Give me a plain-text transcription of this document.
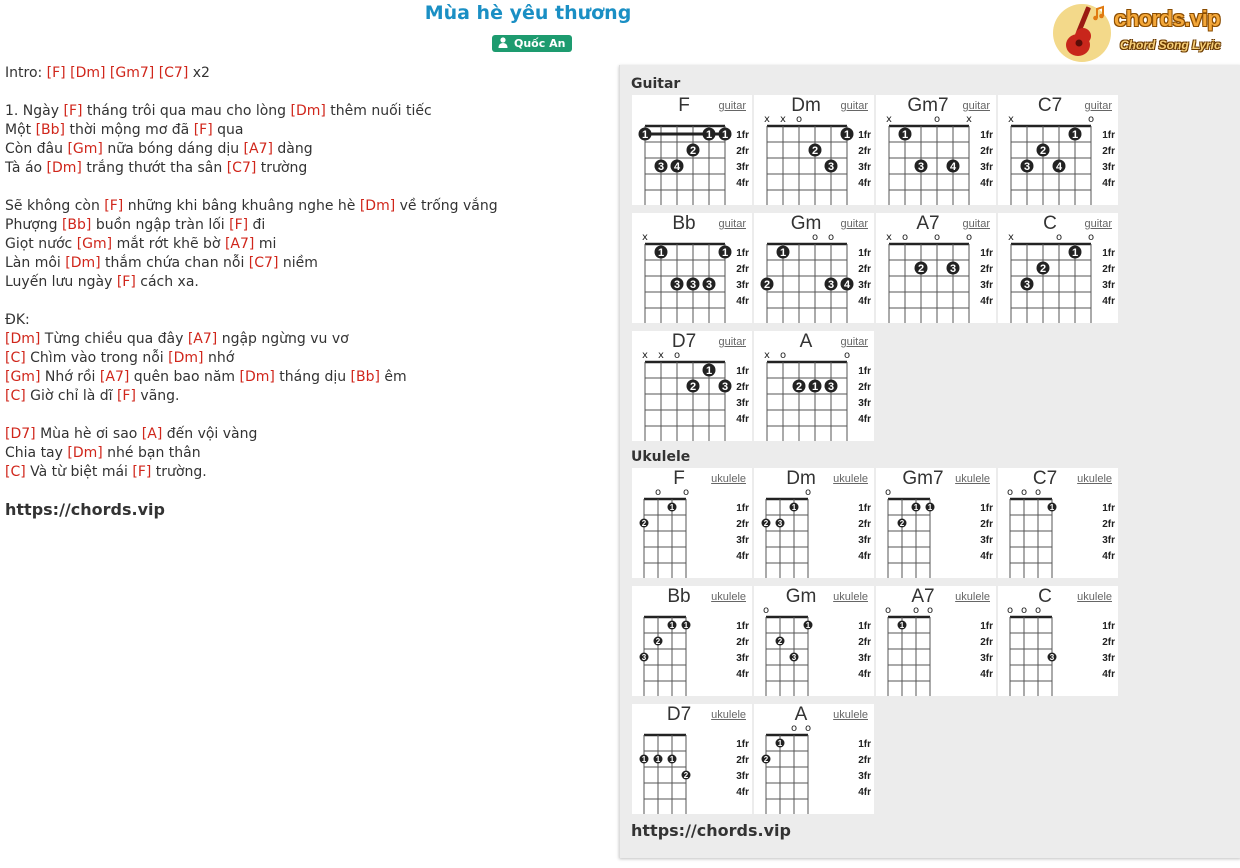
Mùa hè yêu thương
Quốc An
chords.vip
Chord Song Lyric
Intro: [F] [Dm] [Gm7] [C7] x2
1. Ngày [F] tháng trôi qua mau cho lòng [Dm] thêm nuối tiếc
Một [Bb] thời mộng mơ đã [F] qua
Còn đâu [Gm] nữa bóng dáng dịu [A7] dàng
Tà áo [Dm] trắng thướt tha sân [C7] trường
Sẽ không còn [F] những khi bâng khuâng nghe hè [Dm] về trống vắng
Phượng [Bb] buồn ngập tràn lối [F] đi
Giọt nước [Gm] mắt rớt khẽ bờ [A7] mi
Làn môi [Dm] thắm chứa chan nỗi [C7] niềm
Luyến lưu ngày [F] cách xa.
ĐK:
[Dm] Từng chiều qua đây [A7] ngập ngừng vu vơ
[C] Chìm vào trong nỗi [Dm] nhớ
[Gm] Nhớ rồi [A7] quên bao năm [Dm] tháng dịu [Bb] êm
[C] Giờ chỉ là dĩ [F] vãng.
[D7] Mùa hè ơi sao [A] đến vội vàng
Chia tay [Dm] nhé bạn thân
[C] Và từ biệt mái [F] trường.
https://chords.vip
Guitar
F	guitar
1fr
2fr
3fr
4fr
1
3 4
2
1 1
Dm	guitar
1fr
2fr
3fr
4fr
x x o
2
3
1
Gm7	guitar
1fr
2fr
3fr
4fr
x	o	x
1
3 4
C7	guitar
1fr
2fr
3fr
4fr
x	o
3
2
4
1
Bb	guitar
1fr
2fr
3fr
4fr
x
1
3 3 3
1
Gm	guitar
1fr
2fr
3fr
4fr
o o
2
1
3 4
A7	guitar
1fr
2fr
3fr
4fr
x o	o	o
2 3
C	guitar
1fr
2fr
3fr
4fr
x	o	o
3
2
1
D7	guitar
1fr
2fr
3fr
4fr
x x o
2
1
3
A	guitar
1fr
2fr
3fr
4fr
x o	o
2 1 3
Ukulele
F	ukulele
1fr
2fr
3fr
4fr
o o
2
1
Dm	ukulele
1fr
2fr
3fr
4fr
o
2 3
1
Gm7	ukulele
1fr
2fr
3fr
4fr
o
2
1 1
C7	ukulele
1fr
2fr
3fr
4fr
o o o
1
Bb	ukulele
1fr
2fr
3fr
4fr
3
2
1 1
Gm	ukulele
1fr
2fr
3fr
4fr
o
2
3
1
A7	ukulele
1fr
2fr
3fr
4fr
o o o
1
C	ukulele
1fr
2fr
3fr
4fr
o o o
3
D7	ukulele
1fr
2fr
3fr
4fr
1 1 1
2
A	ukulele
1fr
2fr
3fr
4fr
o o
2
1
https://chords.vip
